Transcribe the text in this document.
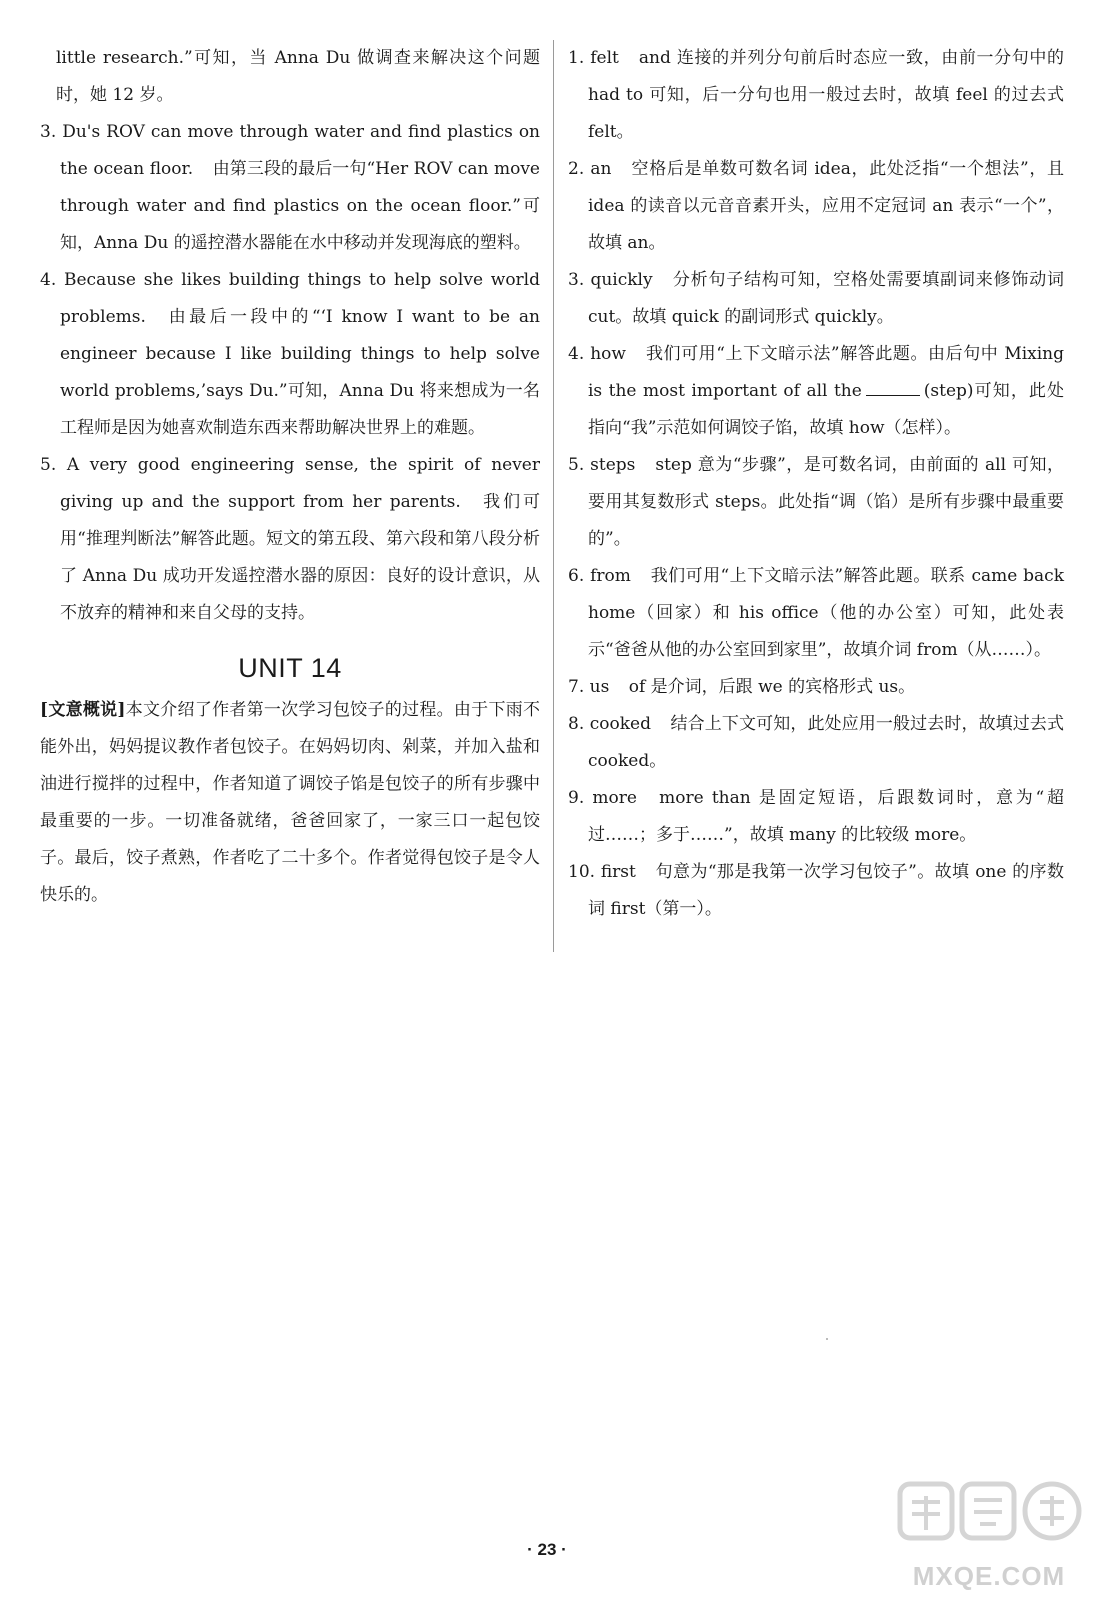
little research.”可知，当 Anna Du 做调查来解决这个问题时，她 12 岁。

3. Du's ROV can move through water and find plastics on the ocean floor. 由第三段的最后一句“Her ROV can move through water and find plastics on the ocean floor.”可知，Anna Du 的遥控潜水器能在水中移动并发现海底的塑料。

4. Because she likes building things to help solve world problems. 由最后一段中的“‘I know I want to be an engineer because I like building things to help solve world problems,’says Du.”可知，Anna Du 将来想成为一名工程师是因为她喜欢制造东西来帮助解决世界上的难题。

5. A very good engineering sense, the spirit of never giving up and the support from her parents. 我们可用“推理判断法”解答此题。短文的第五段、第六段和第八段分析了 Anna Du 成功开发遥控潜水器的原因：良好的设计意识，从不放弃的精神和来自父母的支持。

UNIT 14

[文意概说]本文介绍了作者第一次学习包饺子的过程。由于下雨不能外出，妈妈提议教作者包饺子。在妈妈切肉、剁菜，并加入盐和油进行搅拌的过程中，作者知道了调饺子馅是包饺子的所有步骤中最重要的一步。一切准备就绪，爸爸回家了，一家三口一起包饺子。最后，饺子煮熟，作者吃了二十多个。作者觉得包饺子是令人快乐的。

1. felt and 连接的并列分句前后时态应一致，由前一分句中的 had to 可知，后一分句也用一般过去时，故填 feel 的过去式 felt。

2. an 空格后是单数可数名词 idea，此处泛指“一个想法”，且 idea 的读音以元音音素开头，应用不定冠词 an 表示“一个”，故填 an。

3. quickly 分析句子结构可知，空格处需要填副词来修饰动词 cut。故填 quick 的副词形式 quickly。

4. how 我们可用“上下文暗示法”解答此题。由后句中 Mixing is the most important of all the	(step)可知，此处指向“我”示范如何调饺子馅，故填 how（怎样）。

5. steps step 意为“步骤”，是可数名词，由前面的 all 可知，要用其复数形式 steps。此处指“调（馅）是所有步骤中最重要的”。

6. from 我们可用“上下文暗示法”解答此题。联系 came back home（回家）和 his office（他的办公室）可知，此处表示“爸爸从他的办公室回到家里”，故填介词 from（从……）。

7. us of 是介词，后跟 we 的宾格形式 us。

8. cooked 结合上下文可知，此处应用一般过去时，故填过去式 cooked。

9. more more than 是固定短语，后跟数词时，意为“超过……；多于……”，故填 many 的比较级 more。

10. first 句意为“那是我第一次学习包饺子”。故填 one 的序数词 first（第一）。

· 23 ·
MXQE.COM
